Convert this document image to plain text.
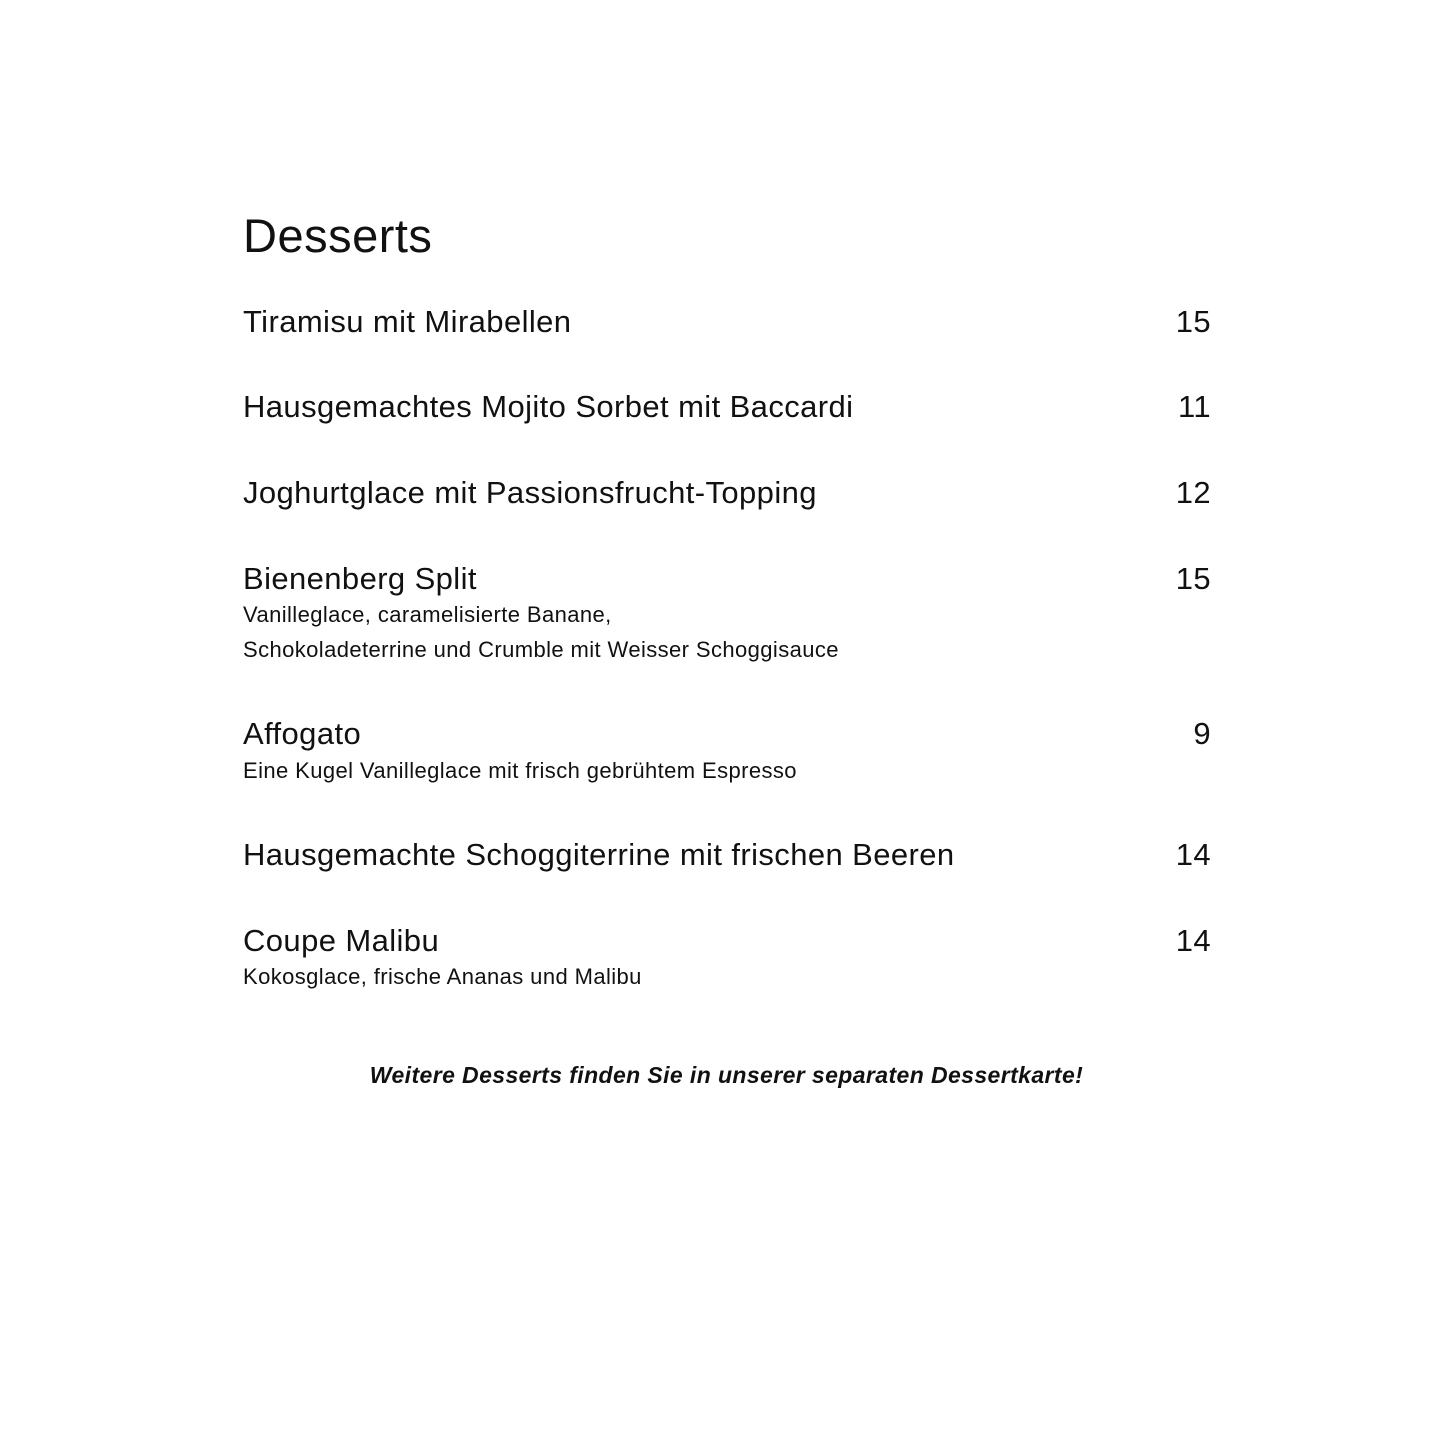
Desserts
Tiramisu mit Mirabellen	15
Hausgemachtes Mojito Sorbet mit Baccardi	11
Joghurtglace mit Passionsfrucht-Topping	12
Bienenberg Split	15
Vanilleglace, caramelisierte Banane,
Schokoladeterrine und Crumble mit Weisser Schoggisauce
Affogato	9
Eine Kugel Vanilleglace mit frisch gebrühtem Espresso
Hausgemachte Schoggiterrine mit frischen Beeren	14
Coupe Malibu	14
Kokosglace, frische Ananas und Malibu
Weitere Desserts finden Sie in unserer separaten Dessertkarte!
